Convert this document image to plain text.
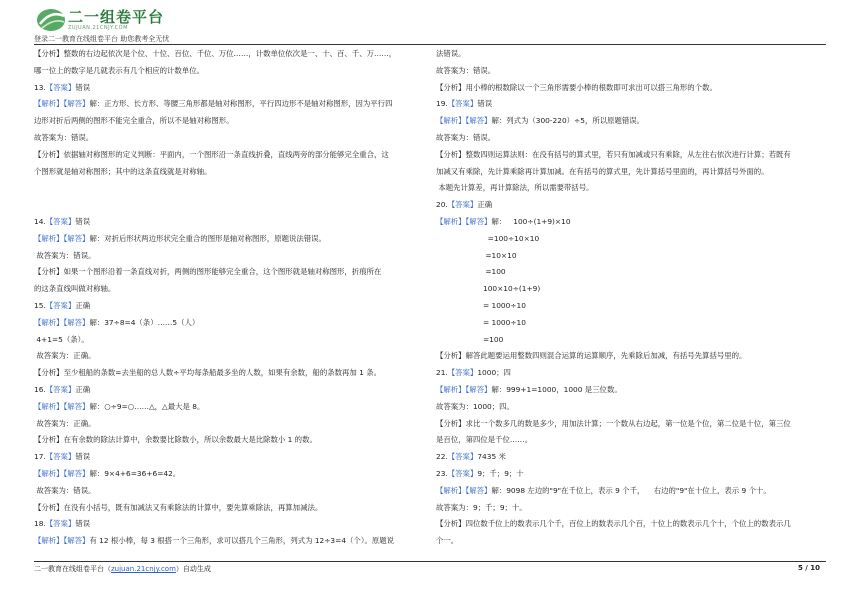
二一组卷平台
ZUJUAN.21CNJY.COM
登录二一教育在线组卷平台 助您教考全无忧
【分析】整数的右边起依次是个位、十位、百位、千位、万位……，计数单位依次是一、十、百、千、万……，
哪一位上的数字是几就表示有几个相应的计数单位。
13.【答案】错误
【解析】【解答】解：正方形、长方形、等腰三角形都是轴对称图形，平行四边形不是轴对称图形，因为平行四
边形对折后两侧的图形不能完全重合，所以不是轴对称图形。
故答案为：错误。
【分析】依据轴对称图形的定义判断：平面内，一个图形沿一条直线折叠，直线两旁的部分能够完全重合，这
个图形就是轴对称图形；其中的这条直线就是对称轴。
14.【答案】错误
【解析】【解答】解：对折后形状两边形状完全重合的图形是轴对称图形，原题说法错误。
故答案为：错误。
【分析】如果一个图形沿着一条直线对折，两侧的图形能够完全重合，这个图形就是轴对称图形，折痕所在
的这条直线叫做对称轴。
15.【答案】正确
【解析】【解答】解：37÷8=4（条）……5（人）
4+1=5（条）。
故答案为：正确。
【分析】至少租船的条数=去坐船的总人数÷平均每条船最多坐的人数，如果有余数，船的条数再加 1 条。
16.【答案】正确
【解析】【解答】解：○÷9=○……△，△最大是 8。
故答案为：正确。
【分析】在有余数的除法计算中，余数要比除数小，所以余数最大是比除数小 1 的数。
17.【答案】错误
【解析】【解答】解：9×4+6=36+6=42。
故答案为：错误。
【分析】在没有小括号，既有加减法又有乘除法的计算中，要先算乘除法，再算加减法。
18.【答案】错误
【解析】【解答】有 12 根小棒，每 3 根搭一个三角形，求可以搭几个三角形，列式为 12÷3=4（个）。原题说
法错误。
故答案为：错误。
【分析】用小棒的根数除以一个三角形需要小棒的根数即可求出可以搭三角形的个数。
19.【答案】错误
【解析】【解答】解：列式为（300-220）÷5，所以原题错误。
故答案为：错误。
【分析】整数四则运算法则：在没有括号的算式里，若只有加减或只有乘除，从左往右依次进行计算；若既有
加减又有乘除，先计算乘除再计算加减。在有括号的算式里，先计算括号里面的，再计算括号外面的。
本题先计算差，再计算除法，所以需要带括号。
20.【答案】正确
【解析】【解答】解：   100÷(1+9)×10
=100÷10×10
=10×10
=100
100×10÷(1+9)
= 1000÷10
= 1000÷10
=100
【分析】解答此题要运用整数四则混合运算的运算顺序，先乘除后加减，有括号先算括号里的。
21.【答案】1000；四
【解析】【解答】解：999+1=1000，1000 是三位数。
故答案为：1000；四。
【分析】求比一个数多几的数是多少，用加法计算；一个数从右边起，第一位是个位，第二位是十位，第三位
是百位，第四位是千位……。
22.【答案】7435 米
23.【答案】9；千；9；十
【解析】【解答】解：9098 左边的"9"在千位上，表示 9 个千，    右边的"9"在十位上，表示 9 个十。
故答案为：9；千；9；十。
【分析】四位数千位上的数表示几个千，百位上的数表示几个百，十位上的数表示几个十，个位上的数表示几
个一。
二一教育在线组卷平台（zujuan.21cnjy.com）自动生成	5 / 10
